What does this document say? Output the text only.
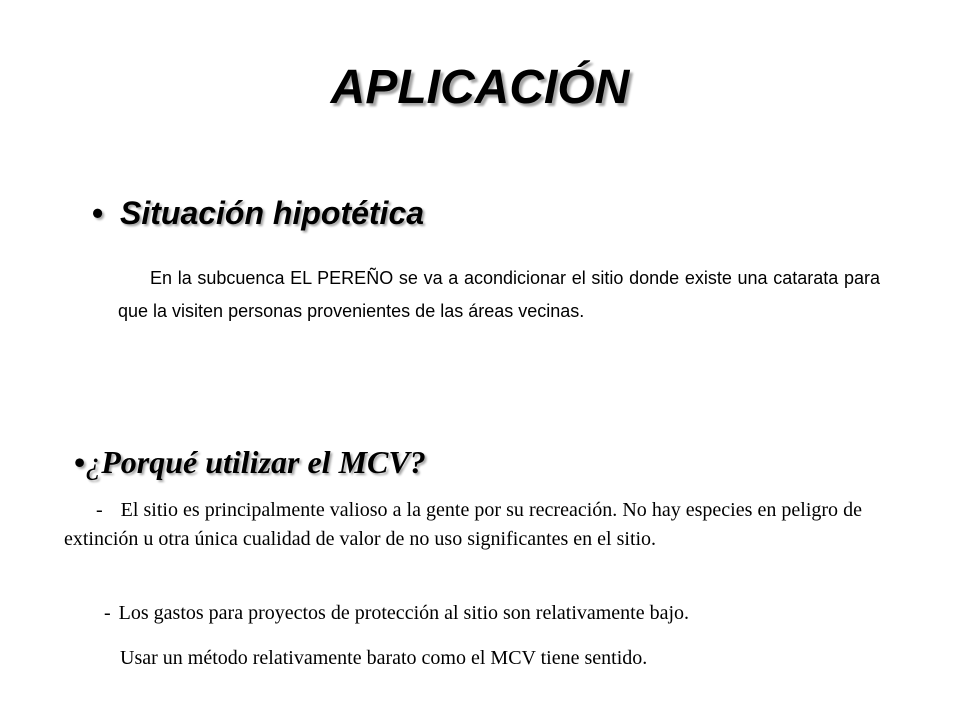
APLICACIÓN
• Situación hipotética

En la subcuenca EL PEREÑO se va a acondicionar el sitio donde existe una catarata para que la visiten personas provenientes de las áreas vecinas.

•¿Porqué utilizar el MCV?

- El sitio es principalmente valioso a la gente por su recreación. No hay especies en peligro de extinción u otra única cualidad de valor de no uso significantes en el sitio.

- Los gastos para proyectos de protección al sitio son relativamente bajo.

Usar un método relativamente barato como el MCV tiene sentido.
